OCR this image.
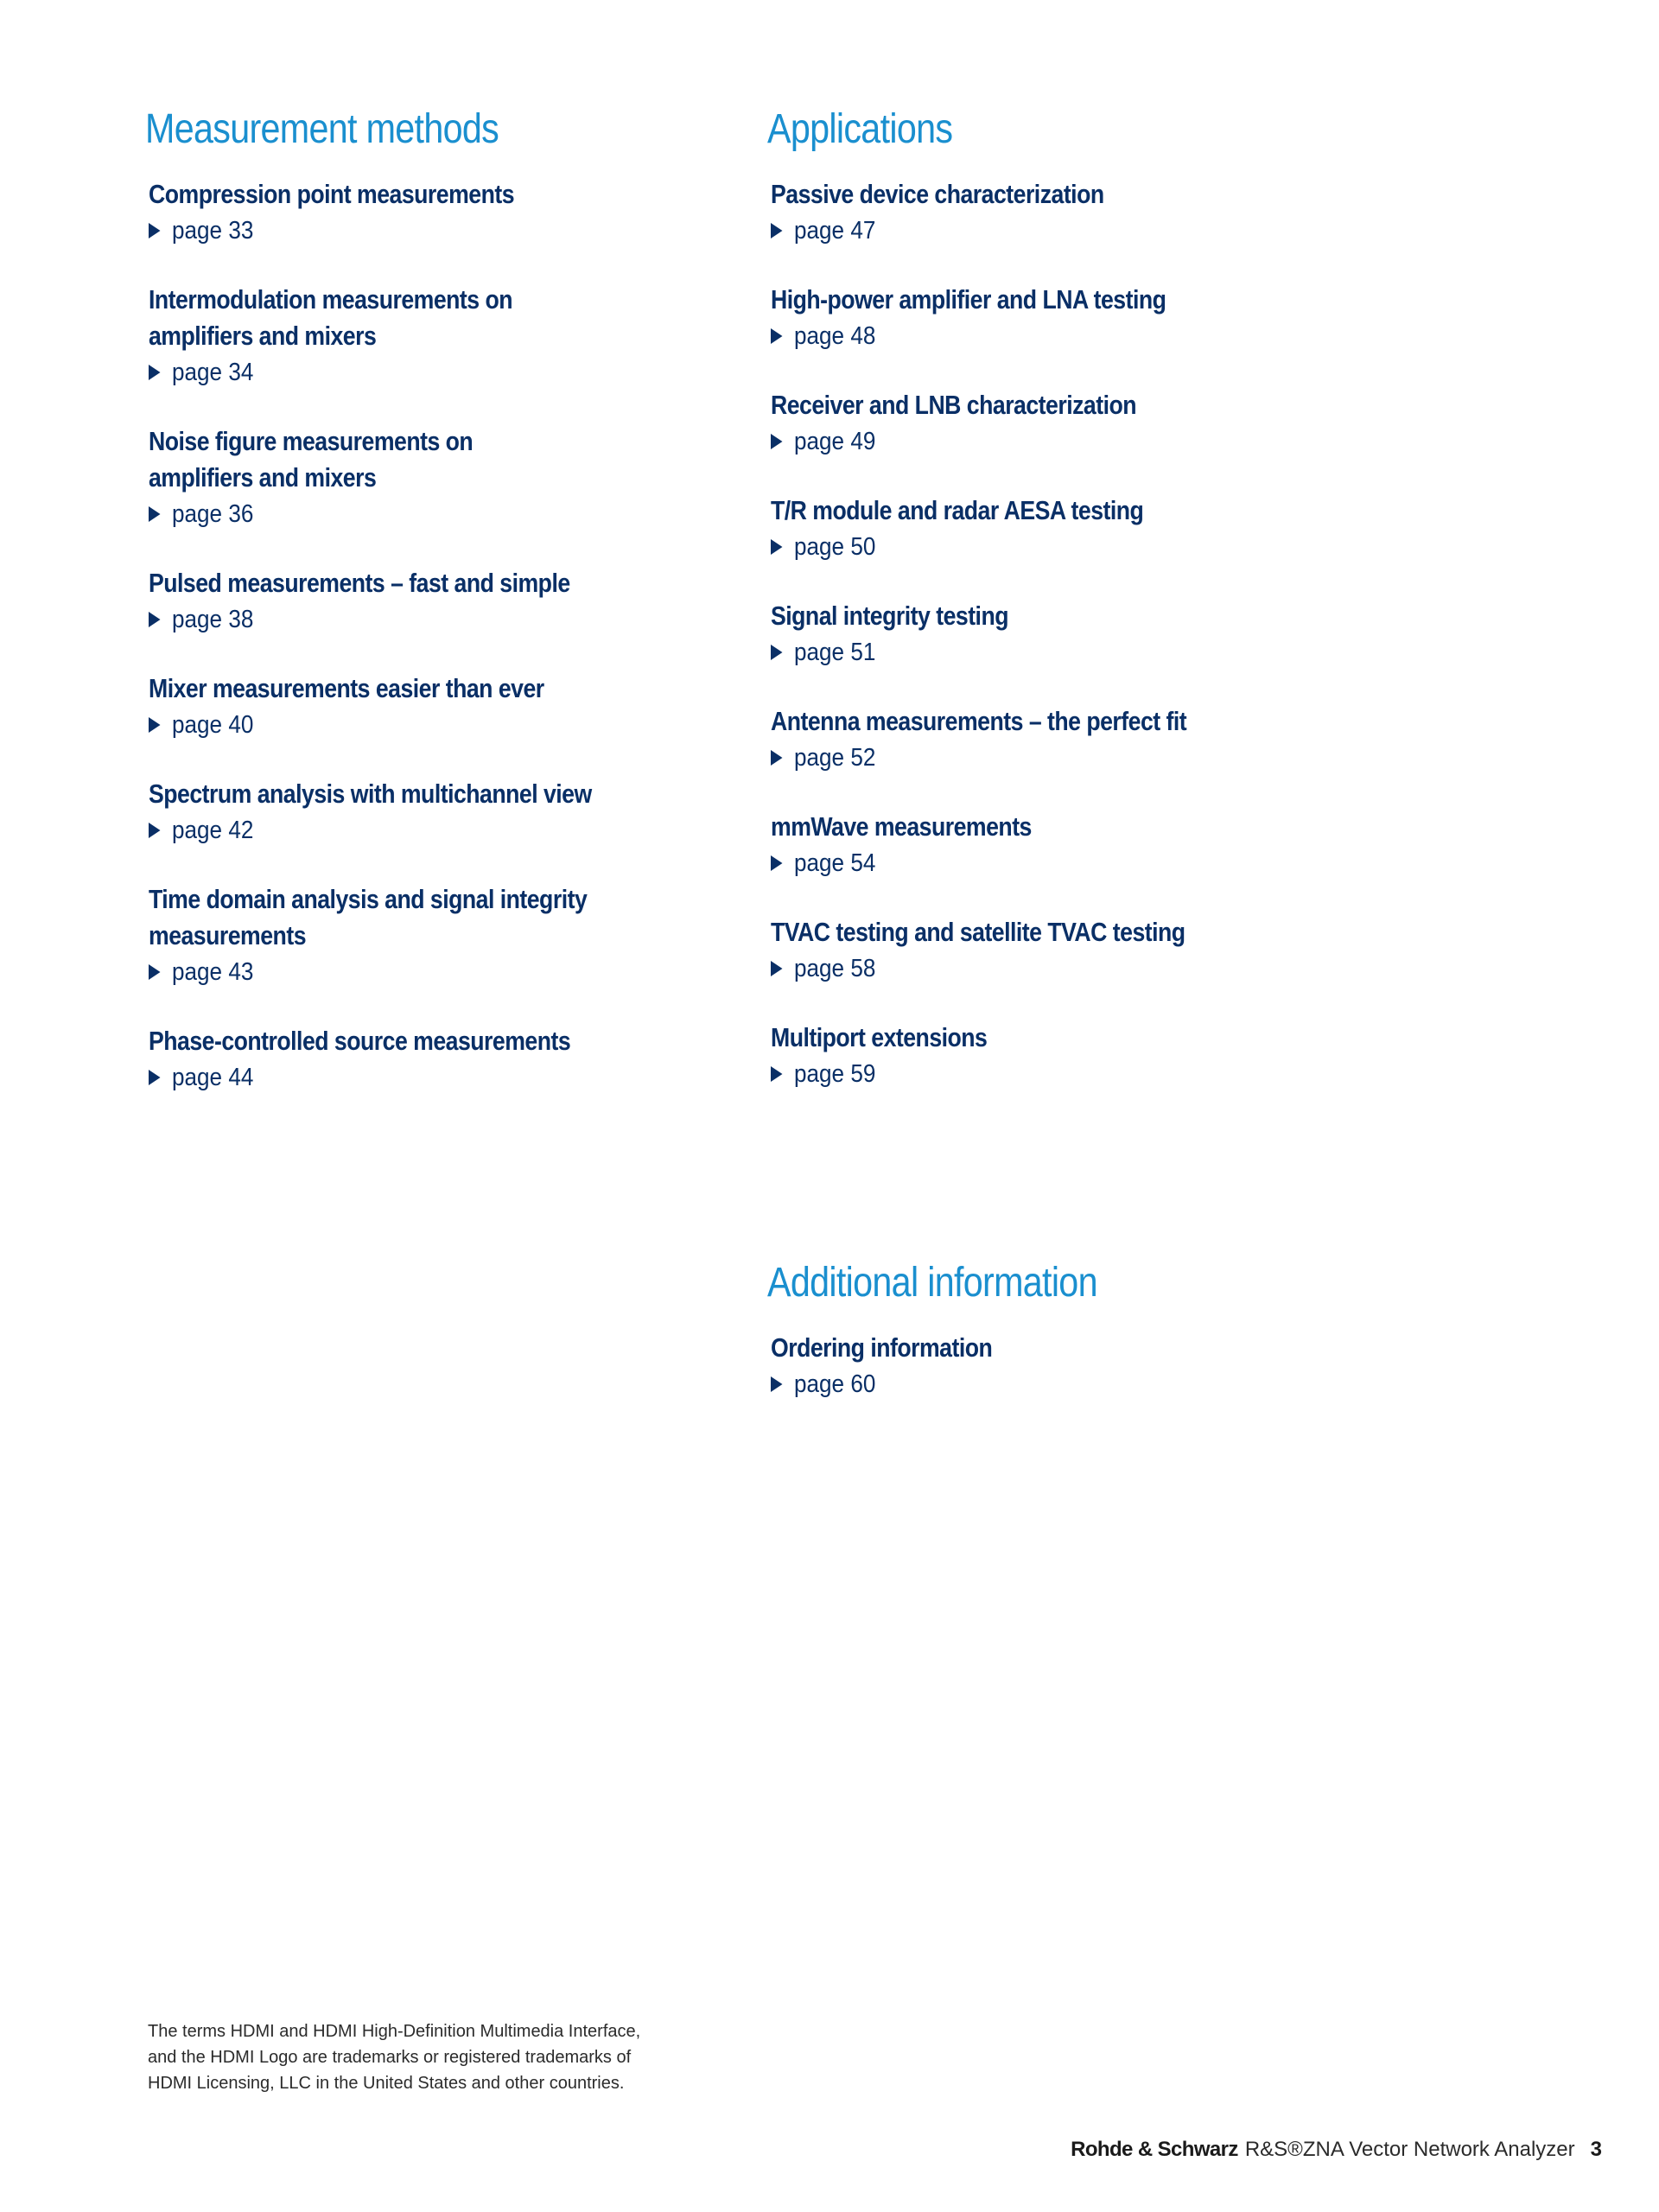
Measurement methods
Compression point measurements
page 33
Intermodulation measurements on
amplifiers and mixers
page 34
Noise figure measurements on
amplifiers and mixers
page 36
Pulsed measurements – fast and simple
page 38
Mixer measurements easier than ever
page 40
Spectrum analysis with multichannel view
page 42
Time domain analysis and signal integrity
measurements
page 43
Phase-controlled source measurements
page 44
Applications
Passive device characterization
page 47
High-power amplifier and LNA testing
page 48
Receiver and LNB characterization
page 49
T/R module and radar AESA testing
page 50
Signal integrity testing
page 51
Antenna measurements – the perfect fit
page 52
mmWave measurements
page 54
TVAC testing and satellite TVAC testing
page 58
Multiport extensions
page 59
Additional information
Ordering information
page 60
The terms HDMI and HDMI High-Definition Multimedia Interface,
and the HDMI Logo are trademarks or registered trademarks of
HDMI Licensing, LLC in the United States and other countries.
Rohde & Schwarz R&S®ZNA Vector Network Analyzer 3
